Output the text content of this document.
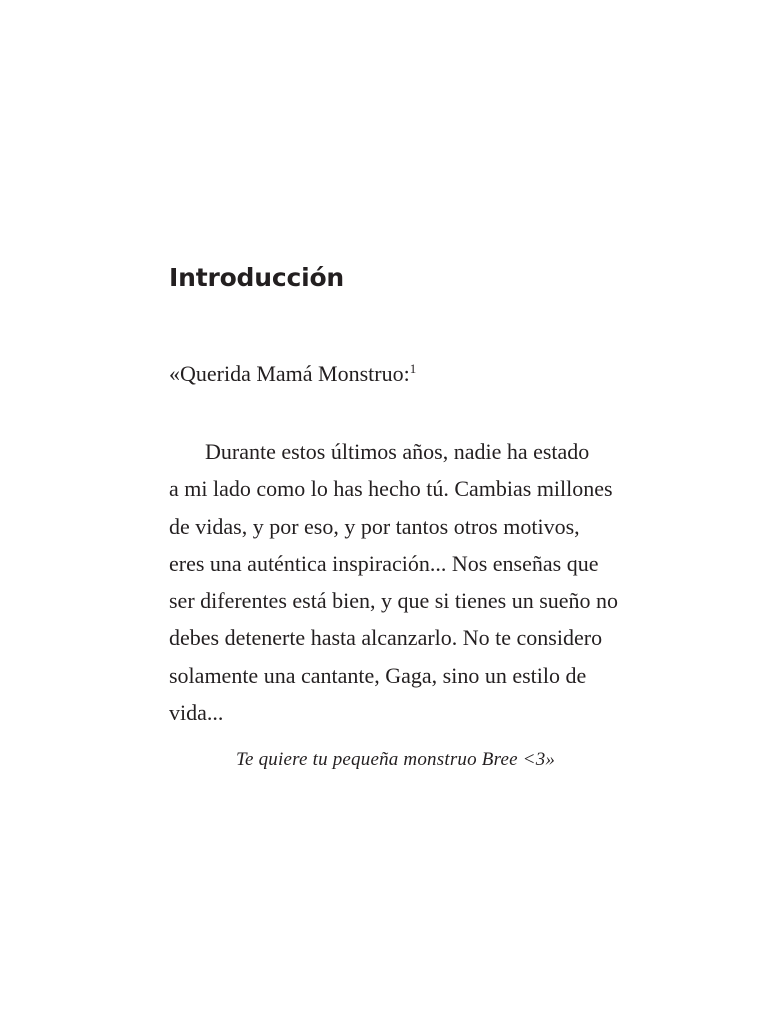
Introducción

«Querida Mamá Monstruo:$^1$

Durante estos últimos años, nadie ha estado
a mi lado como lo has hecho tú. Cambias millones
de vidas, y por eso, y por tantos otros motivos,
eres una auténtica inspiración... Nos enseñas que
ser diferentes está bien, y que si tienes un sueño no
debes detenerte hasta alcanzarlo. No te considero
solamente una cantante, Gaga, sino un estilo de
vida...

Te quiere tu pequeña monstruo Bree <3»
